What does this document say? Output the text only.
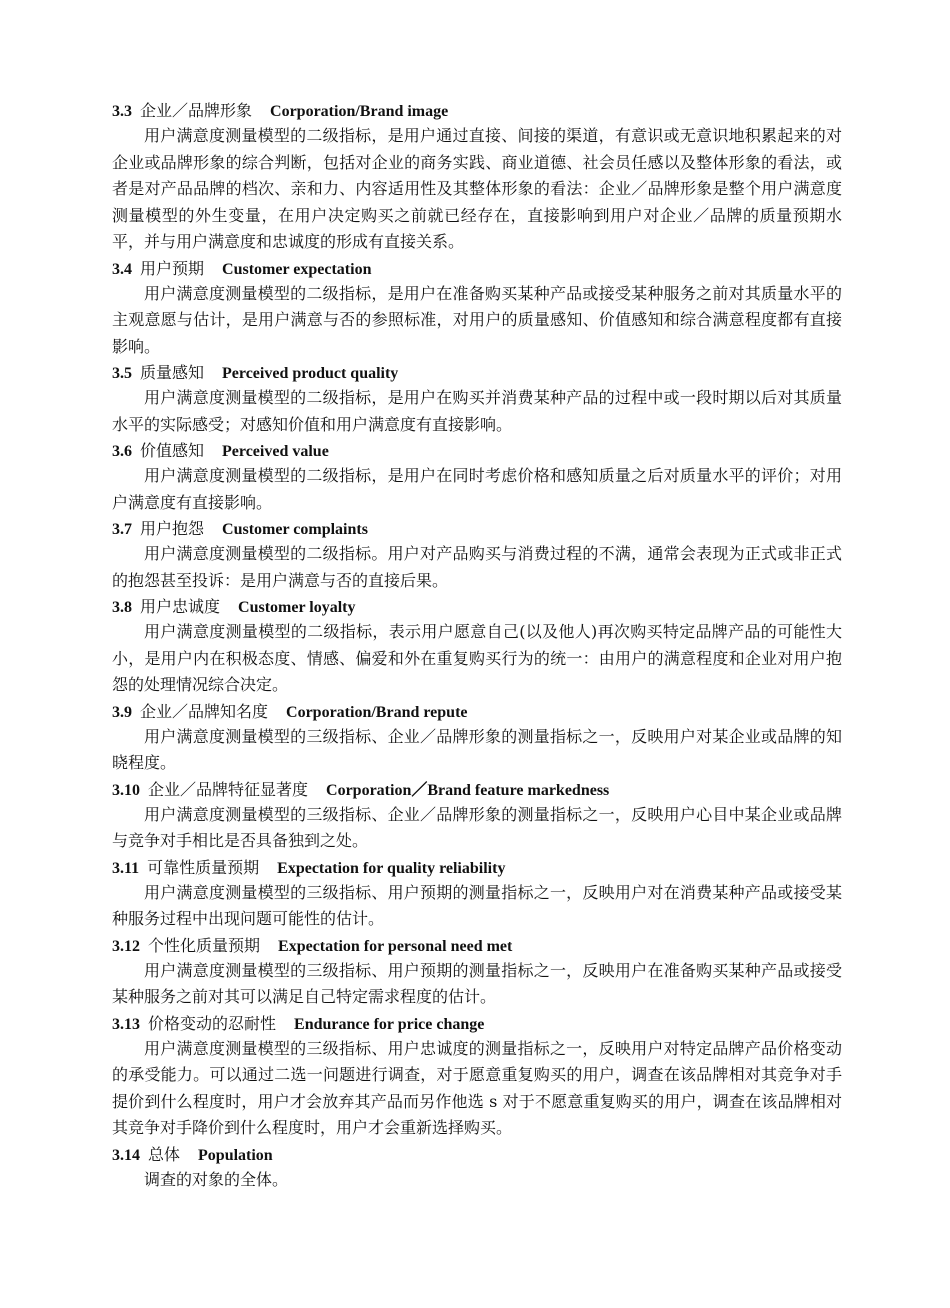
3.3 企业／品牌形象 Corporation/Brand image

用户满意度测量模型的二级指标，是用户通过直接、间接的渠道，有意识或无意识地积累起来的对企业或品牌形象的综合判断，包括对企业的商务实践、商业道德、社会员任感以及整体形象的看法，或者是对产品品牌的档次、亲和力、内容适用性及其整体形象的看法：企业／品牌形象是整个用户满意度测量模型的外生变量，在用户决定购买之前就已经存在，直接影响到用户对企业／品牌的质量预期水平，并与用户满意度和忠诚度的形成有直接关系。

3.4 用户预期 Customer expectation

用户满意度测量模型的二级指标，是用户在准备购买某种产品或接受某种服务之前对其质量水平的主观意愿与估计，是用户满意与否的参照标准，对用户的质量感知、价值感知和综合满意程度都有直接影响。

3.5 质量感知 Perceived product quality

用户满意度测量模型的二级指标，是用户在购买并消费某种产品的过程中或一段时期以后对其质量水平的实际感受；对感知价值和用户满意度有直接影响。

3.6 价值感知 Perceived value

用户满意度测量模型的二级指标，是用户在同时考虑价格和感知质量之后对质量水平的评价；对用户满意度有直接影响。

3.7 用户抱怨 Customer complaints

用户满意度测量模型的二级指标。用户对产品购买与消费过程的不满，通常会表现为正式或非正式的抱怨甚至投诉：是用户满意与否的直接后果。

3.8 用户忠诚度 Customer loyalty

用户满意度测量模型的二级指标，表示用户愿意自己(以及他人)再次购买特定品牌产品的可能性大小，是用户内在积极态度、情感、偏爱和外在重复购买行为的统一：由用户的满意程度和企业对用户抱怨的处理情况综合决定。

3.9 企业／品牌知名度 Corporation/Brand repute

用户满意度测量模型的三级指标、企业／品牌形象的测量指标之一，反映用户对某企业或品牌的知晓程度。

3.10 企业／品牌特征显著度 Corporation／Brand feature markedness

用户满意度测量模型的三级指标、企业／品牌形象的测量指标之一，反映用户心目中某企业或品牌与竞争对手相比是否具备独到之处。

3.11 可靠性质量预期 Expectation for quality reliability

用户满意度测量模型的三级指标、用户预期的测量指标之一，反映用户对在消费某种产品或接受某种服务过程中出现问题可能性的估计。

3.12 个性化质量预期 Expectation for personal need met

用户满意度测量模型的三级指标、用户预期的测量指标之一，反映用户在准备购买某种产品或接受某种服务之前对其可以满足自己特定需求程度的估计。

3.13 价格变动的忍耐性 Endurance for price change

用户满意度测量模型的三级指标、用户忠诚度的测量指标之一，反映用户对特定品牌产品价格变动的承受能力。可以通过二选一问题进行调查，对于愿意重复购买的用户，调查在该品牌相对其竞争对手提价到什么程度时，用户才会放弃其产品而另作他选 s 对于不愿意重复购买的用户，调查在该品牌相对其竞争对手降价到什么程度时，用户才会重新选择购买。

3.14 总体 Population

调查的对象的全体。
